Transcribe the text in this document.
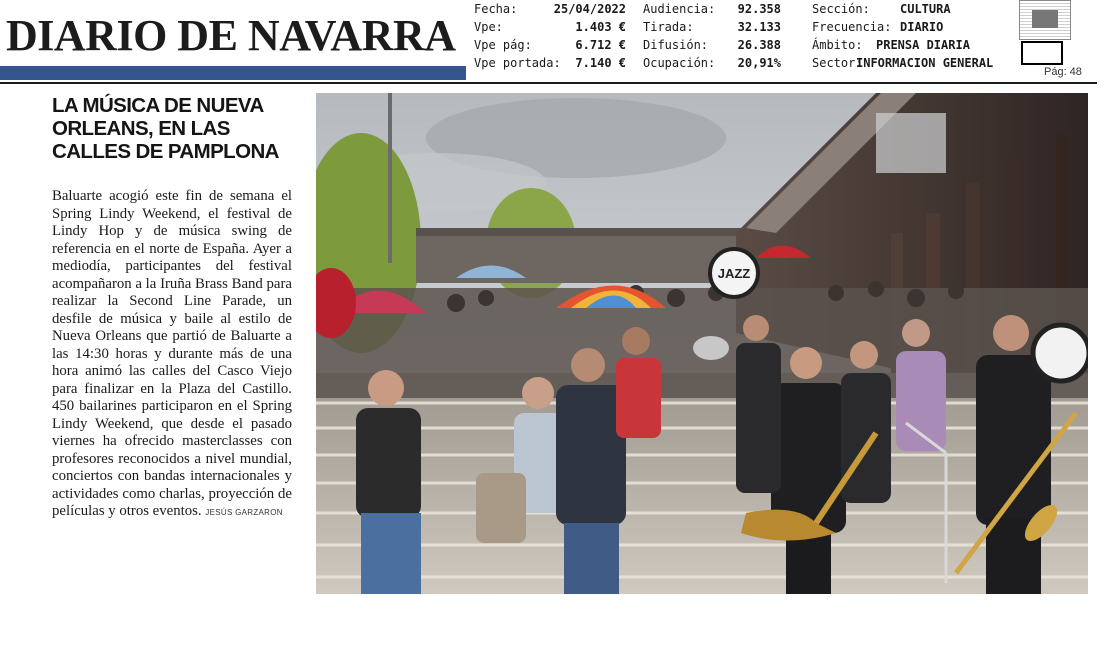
DIARIO DE NAVARRA
Fecha:	25/04/2022
Vpe:	1.403 €
Vpe pág:	6.712 €
Vpe portada: 7.140 €
Audiencia: 92.358
Tirada:	32.133
Difusión: 26.388
Ocupación: 20,91%
Sección:	CULTURA
Frecuencia: DIARIO
Ámbito: PRENSA DIARIA
Sector:
INFORMACION GENERAL
Pág: 48
LA MÚSICA DE NUEVA ORLEANS, EN LAS CALLES DE PAMPLONA

Baluarte acogió este fin de semana el Spring Lindy Weekend, el festival de Lindy Hop y de música swing de referencia en el norte de España. Ayer a mediodía, participantes del festival acompañaron a la Iruña Brass Band para realizar la Second Line Parade, un desfile de música y baile al estilo de Nueva Orleans que partió de Baluarte a las 14:30 horas y durante más de una hora animó las calles del Casco Viejo para finalizar en la Plaza del Castillo. 450 bailarines participaron en el Spring Lindy Weekend, que desde el pasado viernes ha ofrecido masterclasses con profesores reconocidos a nivel mundial, conciertos con bandas internacionales y actividades como charlas, proyección de películas y otros eventos. JESÚS GARZARON

JAZZ
